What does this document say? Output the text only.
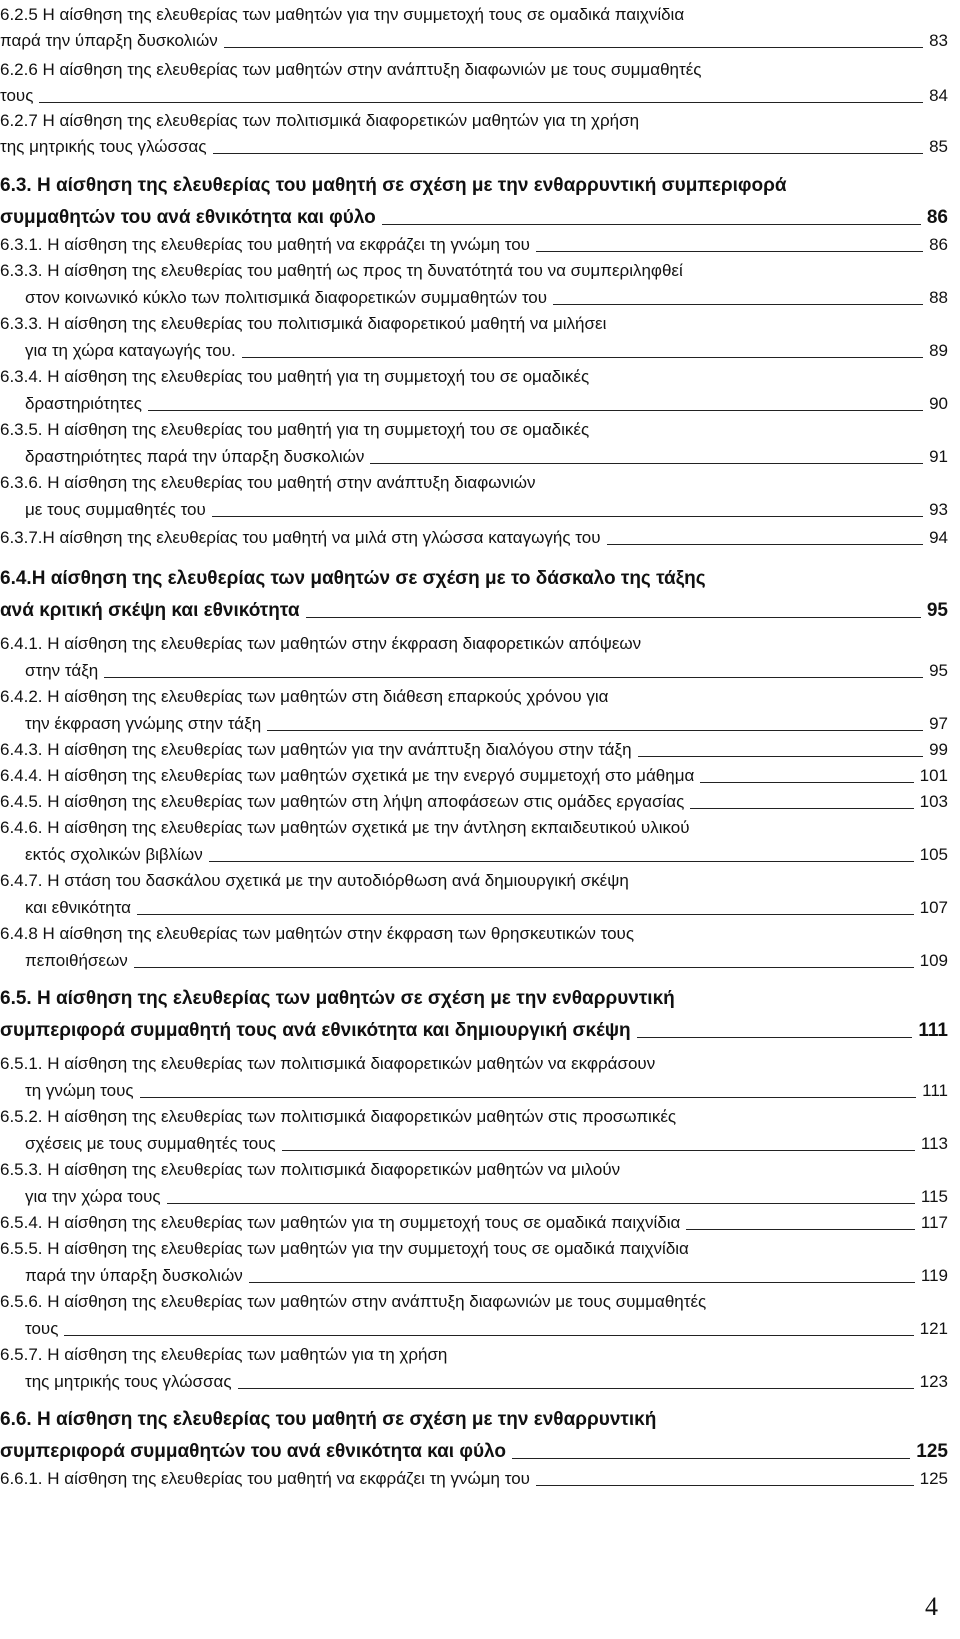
6.2.5 Η αίσθηση της ελευθερίας των μαθητών για την συμμετοχή τους σε ομαδικά παιχνίδια
παρά την ύπαρξη δυσκολιών	83
6.2.6 Η αίσθηση της ελευθερίας των μαθητών στην ανάπτυξη διαφωνιών με τους συμμαθητές
τους	84
6.2.7 Η αίσθηση της ελευθερίας των πολιτισμικά διαφορετικών μαθητών για τη χρήση
της μητρικής τους γλώσσας	85
6.3. Η αίσθηση της ελευθερίας του μαθητή σε σχέση με την ενθαρρυντική συμπεριφορά
συμμαθητών του ανά εθνικότητα και φύλο	86
6.3.1. Η αίσθηση της ελευθερίας του μαθητή να εκφράζει τη γνώμη του	86
6.3.3. Η αίσθηση της ελευθερίας του μαθητή ως προς τη δυνατότητά του να συμπεριληφθεί
στον κοινωνικό κύκλο των πολιτισμικά διαφορετικών συμμαθητών του	88
6.3.3. Η αίσθηση της ελευθερίας του πολιτισμικά διαφορετικού μαθητή να μιλήσει
για τη χώρα καταγωγής του.	89
6.3.4. Η αίσθηση της ελευθερίας του μαθητή για τη συμμετοχή του σε ομαδικές
δραστηριότητες	90
6.3.5. Η αίσθηση της ελευθερίας του μαθητή για τη συμμετοχή του σε ομαδικές
δραστηριότητες παρά την ύπαρξη δυσκολιών	91
6.3.6. Η αίσθηση της ελευθερίας του μαθητή στην ανάπτυξη διαφωνιών
με τους συμμαθητές του	93
6.3.7.Η αίσθηση της ελευθερίας του μαθητή να μιλά στη γλώσσα καταγωγής του	94
6.4.Η αίσθηση της ελευθερίας των μαθητών σε σχέση με το δάσκαλο της τάξης
ανά κριτική σκέψη και εθνικότητα	95
6.4.1. Η αίσθηση της ελευθερίας των μαθητών στην έκφραση διαφορετικών απόψεων
στην τάξη	95
6.4.2. Η αίσθηση της ελευθερίας των μαθητών στη διάθεση επαρκούς χρόνου για
την έκφραση γνώμης στην τάξη	97
6.4.3. Η αίσθηση της ελευθερίας των μαθητών για την ανάπτυξη διαλόγου στην τάξη	99
6.4.4. Η αίσθηση της ελευθερίας των μαθητών σχετικά με την ενεργό συμμετοχή στο μάθημα	101
6.4.5. Η αίσθηση της ελευθερίας των μαθητών στη λήψη αποφάσεων στις ομάδες εργασίας	103
6.4.6. Η αίσθηση της ελευθερίας των μαθητών σχετικά με την άντληση εκπαιδευτικού υλικού
εκτός σχολικών βιβλίων	105
6.4.7. Η στάση του δασκάλου σχετικά με την αυτοδιόρθωση ανά δημιουργική σκέψη
και εθνικότητα	107
6.4.8 Η αίσθηση της ελευθερίας των μαθητών στην έκφραση των θρησκευτικών τους
πεποιθήσεων	109
6.5. Η αίσθηση της ελευθερίας των μαθητών σε σχέση με την ενθαρρυντική
συμπεριφορά συμμαθητή τους ανά εθνικότητα και δημιουργική σκέψη	111
6.5.1. Η αίσθηση της ελευθερίας των πολιτισμικά διαφορετικών μαθητών να εκφράσουν
τη γνώμη τους	111
6.5.2. Η αίσθηση της ελευθερίας των πολιτισμικά διαφορετικών μαθητών στις προσωπικές
σχέσεις με τους συμμαθητές τους	113
6.5.3. Η αίσθηση της ελευθερίας των πολιτισμικά διαφορετικών μαθητών να μιλούν
για την χώρα τους	115
6.5.4. Η αίσθηση της ελευθερίας των μαθητών για τη συμμετοχή τους σε ομαδικά παιχνίδια	117
6.5.5. Η αίσθηση της ελευθερίας των μαθητών για την συμμετοχή τους σε ομαδικά παιχνίδια
παρά την ύπαρξη δυσκολιών	119
6.5.6. Η αίσθηση της ελευθερίας των μαθητών στην ανάπτυξη διαφωνιών με τους συμμαθητές
τους	121
6.5.7. Η αίσθηση της ελευθερίας των μαθητών για τη χρήση
της μητρικής τους γλώσσας	123
6.6. Η αίσθηση της ελευθερίας του μαθητή σε σχέση με την ενθαρρυντική
συμπεριφορά συμμαθητών του ανά εθνικότητα και φύλο	125
6.6.1. Η αίσθηση της ελευθερίας του μαθητή να εκφράζει τη γνώμη του	125
4
